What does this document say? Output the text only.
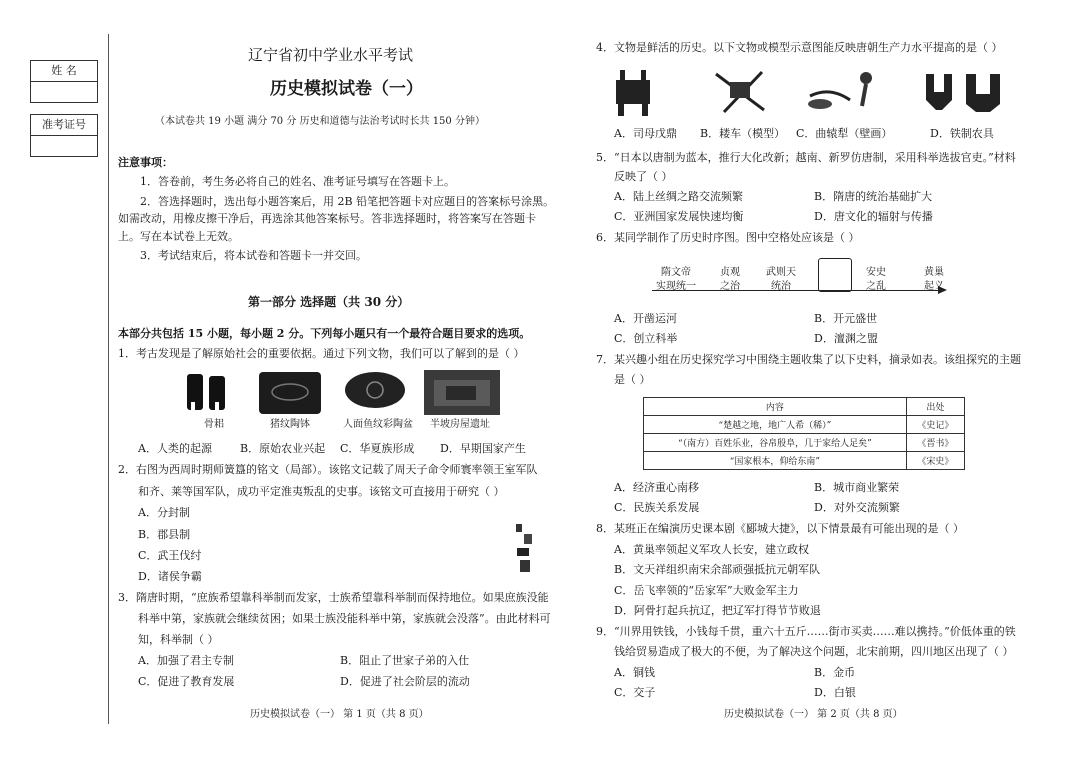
姓 名
准考证号
辽宁省初中学业水平考试
历史模拟试卷（一）
（本试卷共 19 小题 满分 70 分 历史和道德与法治考试时长共 150 分钟）
注意事项：
1．答卷前，考生务必将自己的姓名、准考证号填写在答题卡上。
2．答选择题时，选出每小题答案后，用 2B 铅笔把答题卡对应题目的答案标号涂黑。
如需改动，用橡皮擦干净后，再选涂其他答案标号。答非选择题时，将答案写在答题卡
上。写在本试卷上无效。
3．考试结束后，将本试卷和答题卡一并交回。
第一部分 选择题（共 30 分）
本部分共包括 15 小题，每小题 2 分。下列每小题只有一个最符合题目要求的选项。
1．考古发现是了解原始社会的重要依据。通过下列文物，我们可以了解到的是（ ）
骨耜	猪纹陶钵	人面鱼纹彩陶盆 半坡房屋遗址
A．人类的起源	B．原始农业兴起 C．华夏族形成 D．早期国家产生
2．右图为西周时期师簧簋的铭文（局部）。该铭文记载了周天子命令师寰率领王室军队
和齐、莱等国军队，成功平定淮夷叛乱的史事。该铭文可直接用于研究（ ）
A．分封制
B．郡县制
C．武王伐纣
D．诸侯争霸
3．隋唐时期，“庶族希望靠科举制而发家，士族希望靠科举制而保持地位。如果庶族没能
科举中第，家族就会继续贫困；如果士族没能科举中第，家族就会没落”。由此材料可
知，科举制（ ）
A．加强了君主专制	B．阻止了世家子弟的入仕
C．促进了教育发展	D．促进了社会阶层的流动
历史模拟试卷（一） 第 1 页（共 8 页）
4．文物是鲜活的历史。以下文物或模型示意图能反映唐朝生产力水平提高的是（ ）
A．司母戊鼎 B．耧车（模型） C．曲辕犁（壁画）	D．铁制农具
5．“日本以唐制为蓝本，推行大化改新；越南、新罗仿唐制，采用科举选拔官吏。”材料
反映了（ ）
A．陆上丝绸之路交流频繁	B．隋唐的统治基础扩大
C．亚洲国家发展快速均衡	D．唐文化的辐射与传播
6．某同学制作了历史时序图。图中空格处应该是（ ）
隋文帝
实现统一
贞观
之治
武则天
统治
安史
之乱
黄巢
起义
A．开凿运河	B．开元盛世
C．创立科举	D．澶渊之盟
7．某兴趣小组在历史探究学习中围绕主题收集了以下史料，摘录如表。该组探究的主题
是（ ）
内容	出处
“楚越之地，地广人希（稀）”	《史记》
“（南方）百姓乐业，谷帛殷阜，几于家给人足矣”	《晋书》
“国家根本，仰给东南”	《宋史》
A．经济重心南移	B．城市商业繁荣
C．民族关系发展	D．对外交流频繁
8．某班正在编演历史课本剧《郾城大捷》，以下情景最有可能出现的是（ ）
A．黄巢率领起义军攻人长安，建立政权
B．文天祥组织南宋余部顽强抵抗元朝军队
C．岳飞率领的“岳家军”大败金军主力
D．阿骨打起兵抗辽，把辽军打得节节败退
9．“川界用铁钱，小钱每千贯，重六十五斤……街市买卖……难以携持。”价低体重的铁
钱给贸易造成了极大的不便，为了解决这个问题，北宋前期，四川地区出现了（ ）
A．铜钱	B．金币
C．交子	D．白银
历史模拟试卷（一） 第 2 页（共 8 页）
